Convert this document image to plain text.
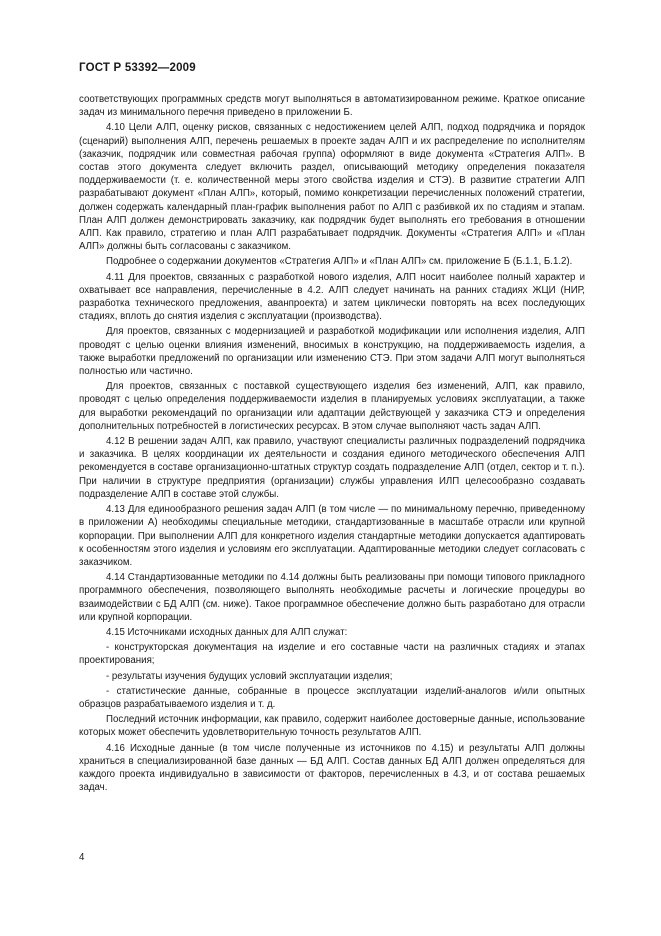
ГОСТ Р 53392—2009

соответствующих программных средств могут выполняться в автоматизированном режиме. Краткое описание задач из минимального перечня приведено в приложении Б.

4.10 Цели АЛП, оценку рисков, связанных с недостижением целей АЛП, подход подрядчика и порядок (сценарий) выполнения АЛП, перечень решаемых в проекте задач АЛП и их распределение по исполнителям (заказчик, подрядчик или совместная рабочая группа) оформляют в виде документа «Стратегия АЛП». В состав этого документа следует включить раздел, описывающий методику определения показателя поддерживаемости (т. е. количественной меры этого свойства изделия и СТЭ). В развитие стратегии АЛП разрабатывают документ «План АЛП», который, помимо конкретизации перечисленных положений стратегии, должен содержать календарный план-график выполнения работ по АЛП с разбивкой их по стадиям и этапам. План АЛП должен демонстрировать заказчику, как подрядчик будет выполнять его требования в отношении АЛП. Как правило, стратегию и план АЛП разрабатывает подрядчик. Документы «Стратегия АЛП» и «План АЛП» должны быть согласованы с заказчиком.

Подробнее о содержании документов «Стратегия АЛП» и «План АЛП» см. приложение Б (Б.1.1, Б.1.2).

4.11 Для проектов, связанных с разработкой нового изделия, АЛП носит наиболее полный характер и охватывает все направления, перечисленные в 4.2. АЛП следует начинать на ранних стадиях ЖЦИ (НИР, разработка технического предложения, аванпроекта) и затем циклически повторять на всех последующих стадиях, вплоть до снятия изделия с эксплуатации (производства).

Для проектов, связанных с модернизацией и разработкой модификации или исполнения изделия, АЛП проводят с целью оценки влияния изменений, вносимых в конструкцию, на поддерживаемость изделия, а также выработки предложений по организации или изменению СТЭ. При этом задачи АЛП могут выполняться полностью или частично.

Для проектов, связанных с поставкой существующего изделия без изменений, АЛП, как правило, проводят с целью определения поддерживаемости изделия в планируемых условиях эксплуатации, а также для выработки рекомендаций по организации или адаптации действующей у заказчика СТЭ и определения дополнительных потребностей в логистических ресурсах. В этом случае выполняют часть задач АЛП.

4.12 В решении задач АЛП, как правило, участвуют специалисты различных подразделений подрядчика и заказчика. В целях координации их деятельности и создания единого методического обеспечения АЛП рекомендуется в составе организационно-штатных структур создать подразделение АЛП (отдел, сектор и т. п.). При наличии в структуре предприятия (организации) службы управления ИЛП целесообразно создавать подразделение АЛП в составе этой службы.

4.13 Для единообразного решения задач АЛП (в том числе — по минимальному перечню, приведенному в приложении А) необходимы специальные методики, стандартизованные в масштабе отрасли или крупной корпорации. При выполнении АЛП для конкретного изделия стандартные методики допускается адаптировать к особенностям этого изделия и условиям его эксплуатации. Адаптированные методики следует согласовать с заказчиком.

4.14 Стандартизованные методики по 4.14 должны быть реализованы при помощи типового прикладного программного обеспечения, позволяющего выполнять необходимые расчеты и логические процедуры во взаимодействии с БД АЛП (см. ниже). Такое программное обеспечение должно быть разработано для отрасли или крупной корпорации.

4.15 Источниками исходных данных для АЛП служат:

- конструкторская документация на изделие и его составные части на различных стадиях и этапах проектирования;

- результаты изучения будущих условий эксплуатации изделия;

- статистические данные, собранные в процессе эксплуатации изделий-аналогов и/или опытных образцов разрабатываемого изделия и т. д.

Последний источник информации, как правило, содержит наиболее достоверные данные, использование которых может обеспечить удовлетворительную точность результатов АЛП.

4.16 Исходные данные (в том числе полученные из источников по 4.15) и результаты АЛП должны храниться в специализированной базе данных — БД АЛП. Состав данных БД АЛП должен определяться для каждого проекта индивидуально в зависимости от факторов, перечисленных в 4.3, и от состава решаемых задач.

4
